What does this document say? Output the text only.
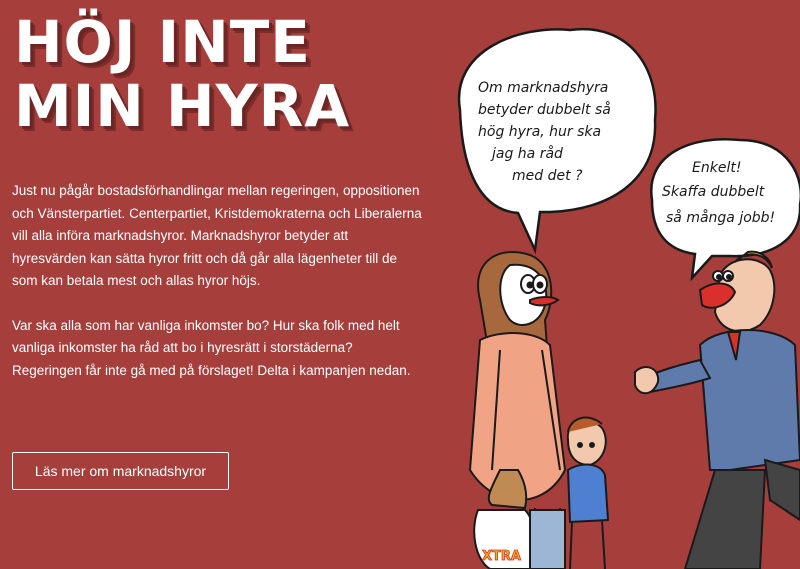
HÖJ INTE
MIN HYRA

Just nu pågår bostadsförhandlingar mellan regeringen, oppositionen och Vänsterpartiet. Centerpartiet, Kristdemokraterna och Liberalerna vill alla införa marknadshyror. Marknadshyror betyder att hyresvärden kan sätta hyror fritt och då går alla lägenheter till de som kan betala mest och allas hyror höjs.

Var ska alla som har vanliga inkomster bo? Hur ska folk med helt vanliga inkomster ha råd att bo i hyresrätt i storstäderna? Regeringen får inte gå med på förslaget! Delta i kampanjen nedan.

Läs mer om marknadshyror
Om marknadshyra
betyder dubbelt så
hög hyra, hur ska
jag ha råd
med det ?	Enkelt!
Skaffa dubbelt
så många jobb!
XTRA
